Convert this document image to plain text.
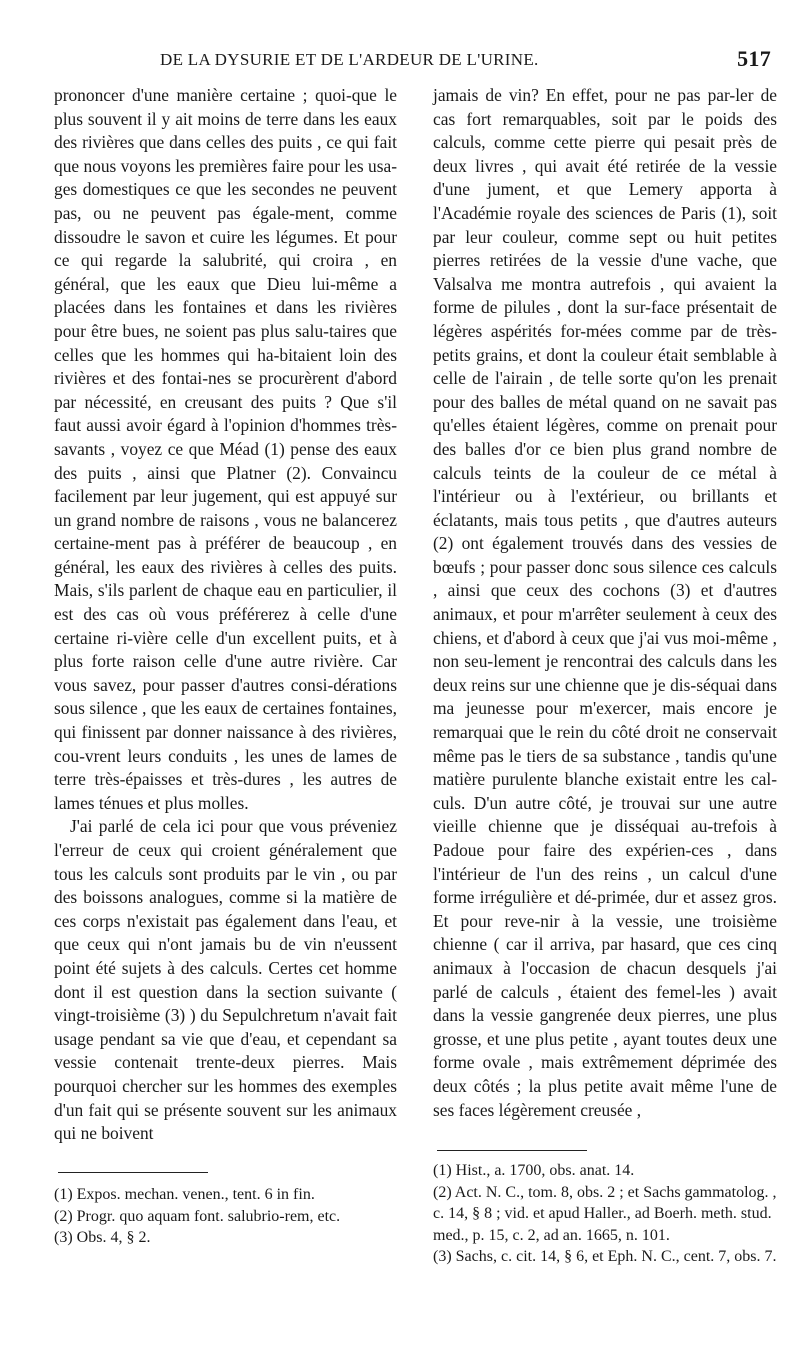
DE LA DYSURIE ET DE L'ARDEUR DE L'URINE.	517

prononcer d'une manière certaine ; quoi-que le plus souvent il y ait moins de terre dans les eaux des rivières que dans celles des puits , ce qui fait que nous voyons les premières faire pour les usa-ges domestiques ce que les secondes ne peuvent pas, ou ne peuvent pas égale-ment, comme dissoudre le savon et cuire les légumes. Et pour ce qui regarde la salubrité, qui croira , en général, que les eaux que Dieu lui-même a placées dans les fontaines et dans les rivières pour être bues, ne soient pas plus salu-taires que celles que les hommes qui ha-bitaient loin des rivières et des fontai-nes se procurèrent d'abord par nécessité, en creusant des puits ? Que s'il faut aussi avoir égard à l'opinion d'hommes très-savants , voyez ce que Méad (1) pense des eaux des puits , ainsi que Platner (2). Convaincu facilement par leur jugement, qui est appuyé sur un grand nombre de raisons , vous ne balancerez certaine-ment pas à préférer de beaucoup , en général, les eaux des rivières à celles des puits. Mais, s'ils parlent de chaque eau en particulier, il est des cas où vous préférerez à celle d'une certaine ri-vière celle d'un excellent puits, et à plus forte raison celle d'une autre rivière. Car vous savez, pour passer d'autres consi-dérations sous silence , que les eaux de certaines fontaines, qui finissent par donner naissance à des rivières, cou-vrent leurs conduits , les unes de lames de terre très-épaisses et très-dures , les autres de lames ténues et plus molles.

J'ai parlé de cela ici pour que vous préveniez l'erreur de ceux qui croient généralement que tous les calculs sont produits par le vin , ou par des boissons analogues, comme si la matière de ces corps n'existait pas également dans l'eau, et que ceux qui n'ont jamais bu de vin n'eussent point été sujets à des calculs. Certes cet homme dont il est question dans la section suivante ( vingt-troisième (3) ) du Sepulchretum n'avait fait usage pendant sa vie que d'eau, et cependant sa vessie contenait trente-deux pierres. Mais pourquoi chercher sur les hommes des exemples d'un fait qui se présente souvent sur les animaux qui ne boivent

jamais de vin? En effet, pour ne pas par-ler de cas fort remarquables, soit par le poids des calculs, comme cette pierre qui pesait près de deux livres , qui avait été retirée de la vessie d'une jument, et que Lemery apporta à l'Académie royale des sciences de Paris (1), soit par leur couleur, comme sept ou huit petites pierres retirées de la vessie d'une vache, que Valsalva me montra autrefois , qui avaient la forme de pilules , dont la sur-face présentait de légères aspérités for-mées comme par de très-petits grains, et dont la couleur était semblable à celle de l'airain , de telle sorte qu'on les prenait pour des balles de métal quand on ne savait pas qu'elles étaient légères, comme on prenait pour des balles d'or ce bien plus grand nombre de calculs teints de la couleur de ce métal à l'intérieur ou à l'extérieur, ou brillants et éclatants, mais tous petits , que d'autres auteurs (2) ont également trouvés dans des vessies de bœufs ; pour passer donc sous silence ces calculs , ainsi que ceux des cochons (3) et d'autres animaux, et pour m'arrêter seulement à ceux des chiens, et d'abord à ceux que j'ai vus moi-même , non seu-lement je rencontrai des calculs dans les deux reins sur une chienne que je dis-séquai dans ma jeunesse pour m'exercer, mais encore je remarquai que le rein du côté droit ne conservait même pas le tiers de sa substance , tandis qu'une matière purulente blanche existait entre les cal-culs. D'un autre côté, je trouvai sur une autre vieille chienne que je disséquai au-trefois à Padoue pour faire des expérien-ces , dans l'intérieur de l'un des reins , un calcul d'une forme irrégulière et dé-primée, dur et assez gros. Et pour reve-nir à la vessie, une troisième chienne ( car il arriva, par hasard, que ces cinq animaux à l'occasion de chacun desquels j'ai parlé de calculs , étaient des femel-les ) avait dans la vessie gangrenée deux pierres, une plus grosse, et une plus petite , ayant toutes deux une forme ovale , mais extrêmement déprimée des deux côtés ; la plus petite avait même l'une de ses faces légèrement creusée ,

(1) Expos. mechan. venen., tent. 6 in fin.
(2) Progr. quo aquam font. salubrio-rem, etc.
(3) Obs. 4, § 2.
(1) Hist., a. 1700, obs. anat. 14.
(2) Act. N. C., tom. 8, obs. 2 ; et Sachs gammatolog. , c. 14, § 8 ; vid. et apud Haller., ad Boerh. meth. stud. med., p. 15, c. 2, ad an. 1665, n. 101.
(3) Sachs, c. cit. 14, § 6, et Eph. N. C., cent. 7, obs. 7.
